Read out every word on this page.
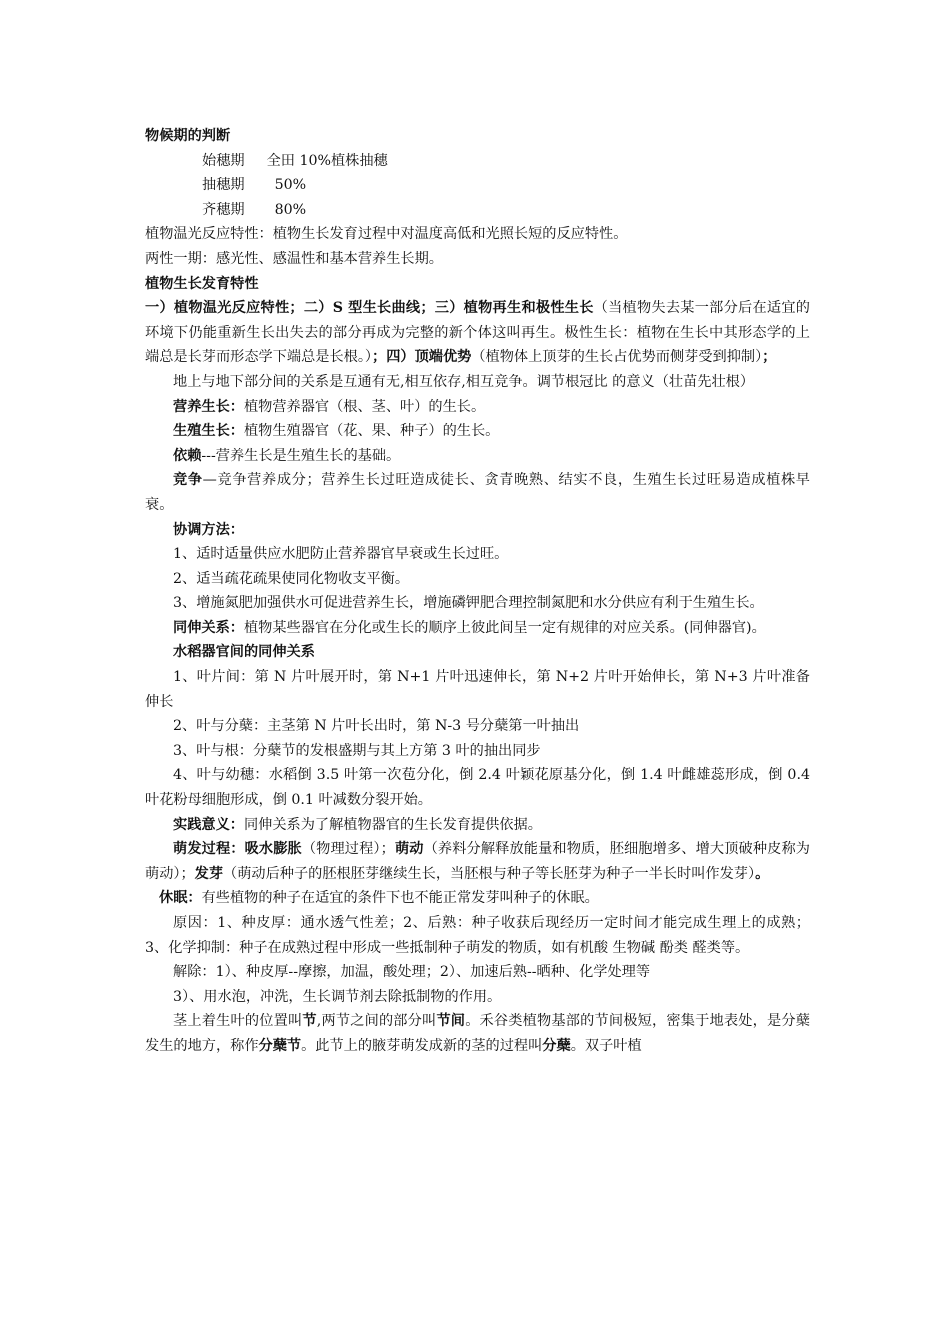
物候期的判断
始穗期 全田 10%植株抽穗
抽穗期 50%
齐穗期 80%
植物温光反应特性：植物生长发育过程中对温度高低和光照长短的反应特性。
两性一期：感光性、感温性和基本营养生长期。
植物生长发育特性
一）植物温光反应特性；二）S 型生长曲线；三）植物再生和极性生长（当植物失去某一部分后在适宜的环境下仍能重新生长出失去的部分再成为完整的新个体这叫再生。极性生长：植物在生长中其形态学的上端总是长芽而形态学下端总是长根。）；四）顶端优势（植物体上顶芽的生长占优势而侧芽受到抑制）；
地上与地下部分间的关系是互通有无,相互依存,相互竞争。调节根冠比 的意义（壮苗先壮根）
营养生长：植物营养器官（根、茎、叶）的生长。
生殖生长：植物生殖器官（花、果、种子）的生长。
依赖---营养生长是生殖生长的基础。
竞争—竞争营养成分；营养生长过旺造成徒长、贪青晚熟、结实不良，生殖生长过旺易造成植株早衰。
协调方法：
1、适时适量供应水肥防止营养器官早衰或生长过旺。
2、适当疏花疏果使同化物收支平衡。
3、增施氮肥加强供水可促进营养生长，增施磷钾肥合理控制氮肥和水分供应有利于生殖生长。
同伸关系：植物某些器官在分化或生长的顺序上彼此间呈一定有规律的对应关系。(同伸器官)。
水稻器官间的同伸关系
1、叶片间：第 N 片叶展开时，第 N+1 片叶迅速伸长，第 N+2 片叶开始伸长，第 N+3 片叶准备伸长
2、叶与分蘖：主茎第 N 片叶长出时，第 N-3 号分蘖第一叶抽出
3、叶与根：分蘖节的发根盛期与其上方第 3 叶的抽出同步
4、叶与幼穗：水稻倒 3.5 叶第一次苞分化，倒 2.4 叶颖花原基分化，倒 1.4 叶雌雄蕊形成，倒 0.4 叶花粉母细胞形成，倒 0.1 叶减数分裂开始。
实践意义：同伸关系为了解植物器官的生长发育提供依据。
萌发过程：吸水膨胀（物理过程）；萌动（养料分解释放能量和物质，胚细胞增多、增大顶破种皮称为萌动）；发芽（萌动后种子的胚根胚芽继续生长，当胚根与种子等长胚芽为种子一半长时叫作发芽）。
休眠：有些植物的种子在适宜的条件下也不能正常发芽叫种子的休眠。
原因：1、种皮厚：通水透气性差；2、后熟：种子收获后现经历一定时间才能完成生理上的成熟；3、化学抑制：种子在成熟过程中形成一些抵制种子萌发的物质，如有机酸 生物碱 酚类 醛类等。
解除：1）、种皮厚--摩擦，加温，酸处理；2）、加速后熟--晒种、化学处理等
3）、用水泡，冲洗，生长调节剂去除抵制物的作用。
茎上着生叶的位置叫节,两节之间的部分叫节间。禾谷类植物基部的节间极短，密集于地表处，是分蘖发生的地方，称作分蘖节。此节上的腋芽萌发成新的茎的过程叫分蘖。双子叶植
